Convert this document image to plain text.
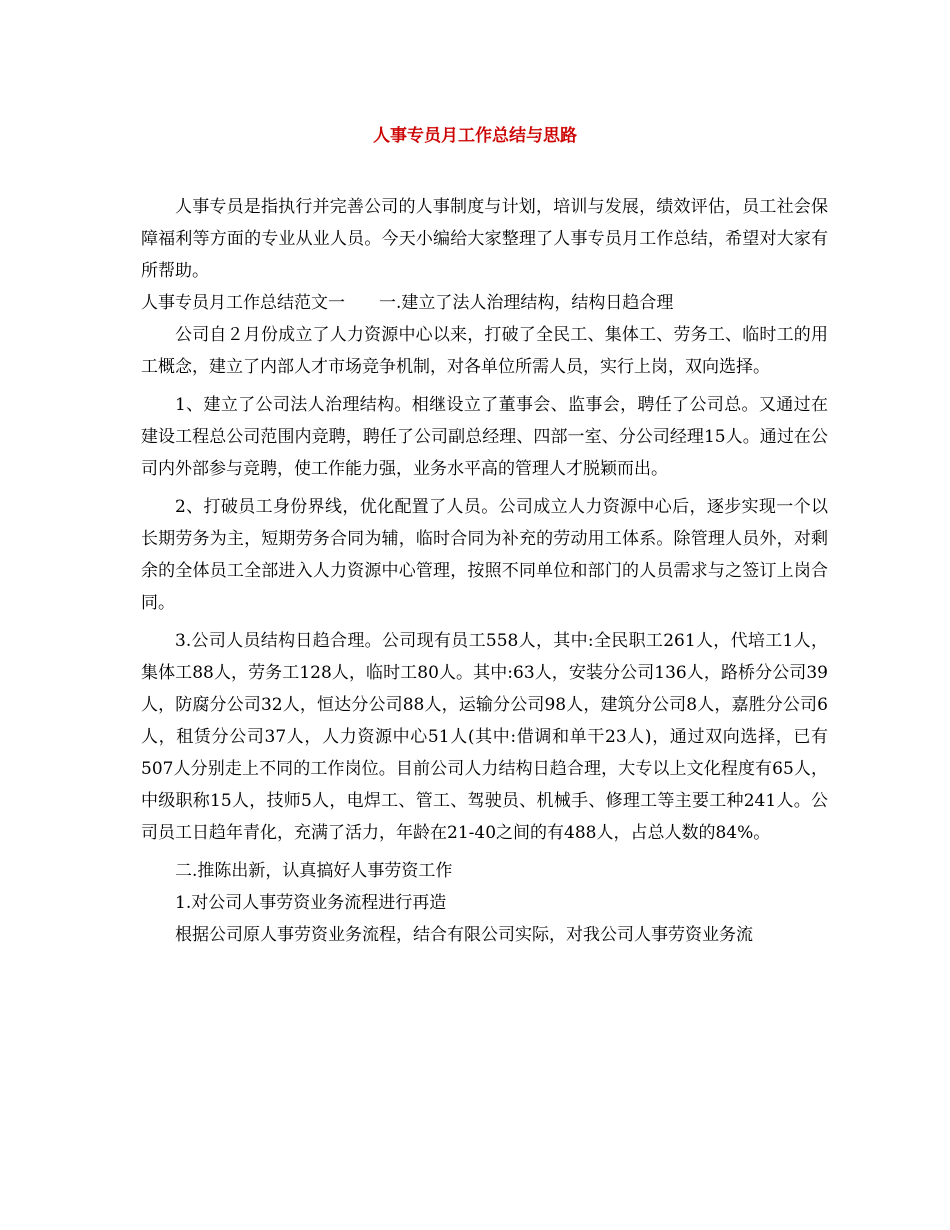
人事专员月工作总结与思路

人事专员是指执行并完善公司的人事制度与计划，培训与发展，绩效评估，员工社会保障福利等方面的专业从业人员。今天小编给大家整理了人事专员月工作总结，希望对大家有所帮助。

人事专员月工作总结范文一　　一.建立了法人治理结构，结构日趋合理

公司自２月份成立了人力资源中心以来，打破了全民工、集体工、劳务工、临时工的用工概念，建立了内部人才市场竞争机制，对各单位所需人员，实行上岗，双向选择。

1、建立了公司法人治理结构。相继设立了董事会、监事会，聘任了公司总。又通过在建设工程总公司范围内竞聘，聘任了公司副总经理、四部一室、分公司经理15人。通过在公司内外部参与竞聘，使工作能力强，业务水平高的管理人才脱颖而出。

2、打破员工身份界线，优化配置了人员。公司成立人力资源中心后，逐步实现一个以长期劳务为主，短期劳务合同为辅，临时合同为补充的劳动用工体系。除管理人员外，对剩余的全体员工全部进入人力资源中心管理，按照不同单位和部门的人员需求与之签订上岗合同。

3.公司人员结构日趋合理。公司现有员工558人，其中:全民职工261人，代培工1人，集体工88人，劳务工128人，临时工80人。其中:63人，安装分公司136人，路桥分公司39人，防腐分公司32人，恒达分公司88人，运输分公司98人，建筑分公司8人，嘉胜分公司6人，租赁分公司37人，人力资源中心51人(其中:借调和单干23人)，通过双向选择，已有507人分别走上不同的工作岗位。目前公司人力结构日趋合理，大专以上文化程度有65人，中级职称15人，技师5人，电焊工、管工、驾驶员、机械手、修理工等主要工种241人。公司员工日趋年青化，充满了活力，年龄在21-40之间的有488人，占总人数的84%。

二.推陈出新，认真搞好人事劳资工作

1.对公司人事劳资业务流程进行再造

根据公司原人事劳资业务流程，结合有限公司实际，对我公司人事劳资业务流
